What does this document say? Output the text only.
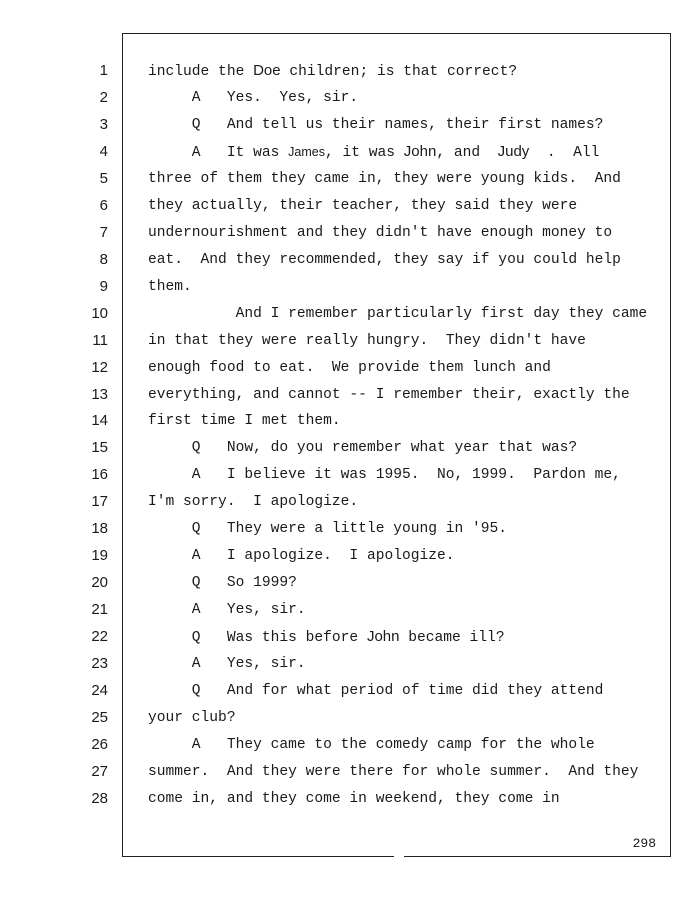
1
2
3
4
5
6
7
8
9
10
11
12
13
14
15
16
17
18
19
20
21
22
23
24
25
26
27
28
include the Doe children; is that correct?
A   Yes.  Yes, sir.
Q   And tell us their names, their first names?
A   It was James, it was John, and  Judy  .  All
three of them they came in, they were young kids.  And
they actually, their teacher, they said they were
undernourishment and they didn't have enough money to
eat.  And they recommended, they say if you could help
them.
And I remember particularly first day they came
in that they were really hungry.  They didn't have
enough food to eat.  We provide them lunch and
everything, and cannot -- I remember their, exactly the
first time I met them.
Q   Now, do you remember what year that was?
A   I believe it was 1995.  No, 1999.  Pardon me,
I'm sorry.  I apologize.
Q   They were a little young in '95.
A   I apologize.  I apologize.
Q   So 1999?
A   Yes, sir.
Q   Was this before John became ill?
A   Yes, sir.
Q   And for what period of time did they attend
your club?
A   They came to the comedy camp for the whole
summer.  And they were there for whole summer.  And they
come in, and they come in weekend, they come in
298
